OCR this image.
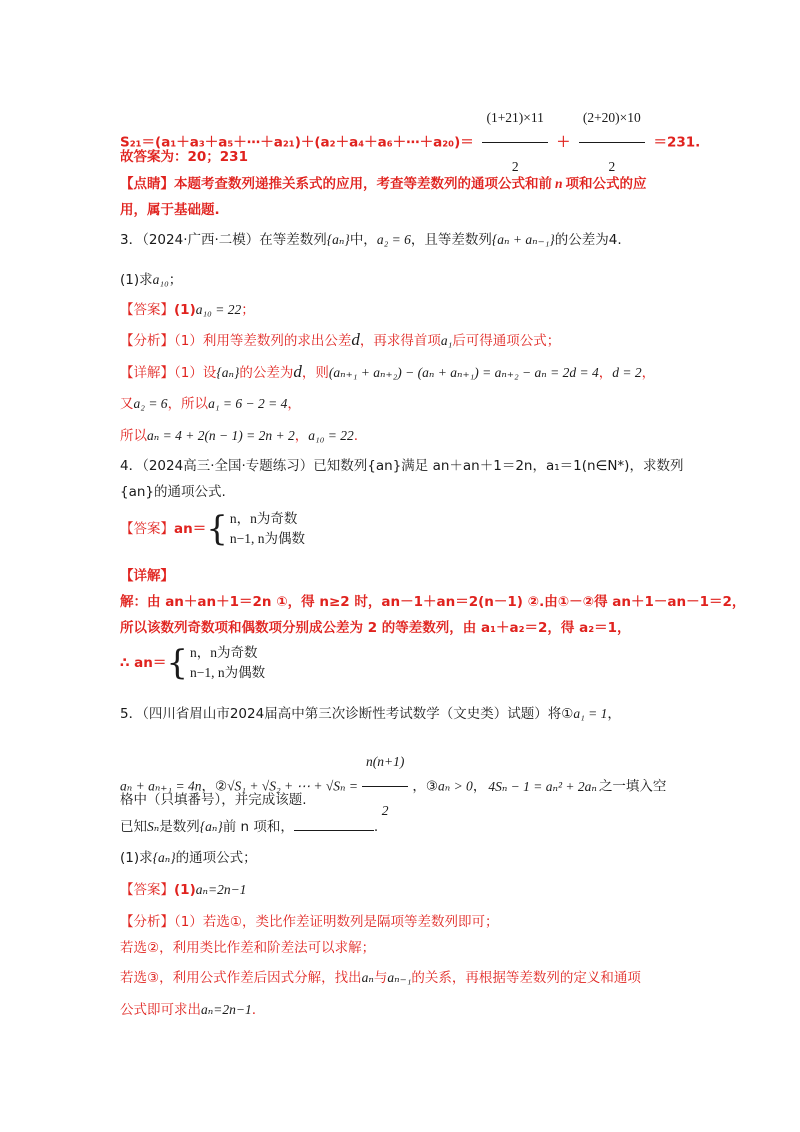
S₂₁＝(a₁＋a₃＋a₅＋⋯＋a₂₁)＋(a₂＋a₄＋a₆＋⋯＋a₂₀)＝ $\frac{(1+21)\times 11}{2} + \frac{(2+20)\times 10}{2} =231$.
故答案为：20；231
【点睛】本题考查数列递推关系式的应用，考查等差数列的通项公式和前 n 项和公式的应
用，属于基础题.
3．（2024·广西·二模）在等差数列{aₙ}中，a₂ = 6，且等差数列{aₙ + aₙ₋₁}的公差为4.
(1)求a₁₀；
【答案】(1)a₁₀ = 22；
【分析】（1）利用等差数列的求出公差d，再求得首项a₁后可得通项公式；
【详解】（1）设{aₙ}的公差为d，则(aₙ₊₁ + aₙ₊₂) − (aₙ + aₙ₊₁) = aₙ₊₂ − aₙ = 2d = 4，d = 2，
又a₂ = 6，所以a₁ = 6 − 2 = 4，
所以aₙ = 4 + 2(n − 1) = 2n + 2，a₁₀ = 22.
4．（2024高三·全国·专题练习）已知数列{an}满足 an＋an＋1＝2n，a₁＝1(n∈N*)，求数列
{an}的通项公式.
【答案】an＝ { n，n为奇数
n−1, n为偶数
【详解】
解：由 an＋an＋1＝2n ①，得 n≥2 时，an－1＋an＝2(n－1) ②.由①－②得 an＋1－an－1＝2，
所以该数列奇数项和偶数项分别成公差为 2 的等差数列，由 a₁＋a₂＝2，得 a₂＝1，
∴ an＝ { n，n为奇数
n−1, n为偶数
5．（四川省眉山市2024届高中第三次诊断性考试数学（文史类）试题）将①a₁ = 1，
aₙ + aₙ₊₁ = 4n，②√S₁ + √S₂ + ⋯ + $√S_n = \frac{n(n+1)}{2}$ ，③aₙ > 0， 4Sₙ − 1 = aₙ² + 2aₙ 之一填入空
格中（只填番号），并完成该题.
已知Sₙ是数列{aₙ}前 n 项和，	.
(1)求{aₙ}的通项公式；
【答案】(1)aₙ=2n−1
【分析】（1）若选①，类比作差证明数列是隔项等差数列即可；
若选②，利用类比作差和阶差法可以求解；
若选③，利用公式作差后因式分解，找出aₙ与aₙ₋₁的关系，再根据等差数列的定义和通项
公式即可求出aₙ=2n−1.
